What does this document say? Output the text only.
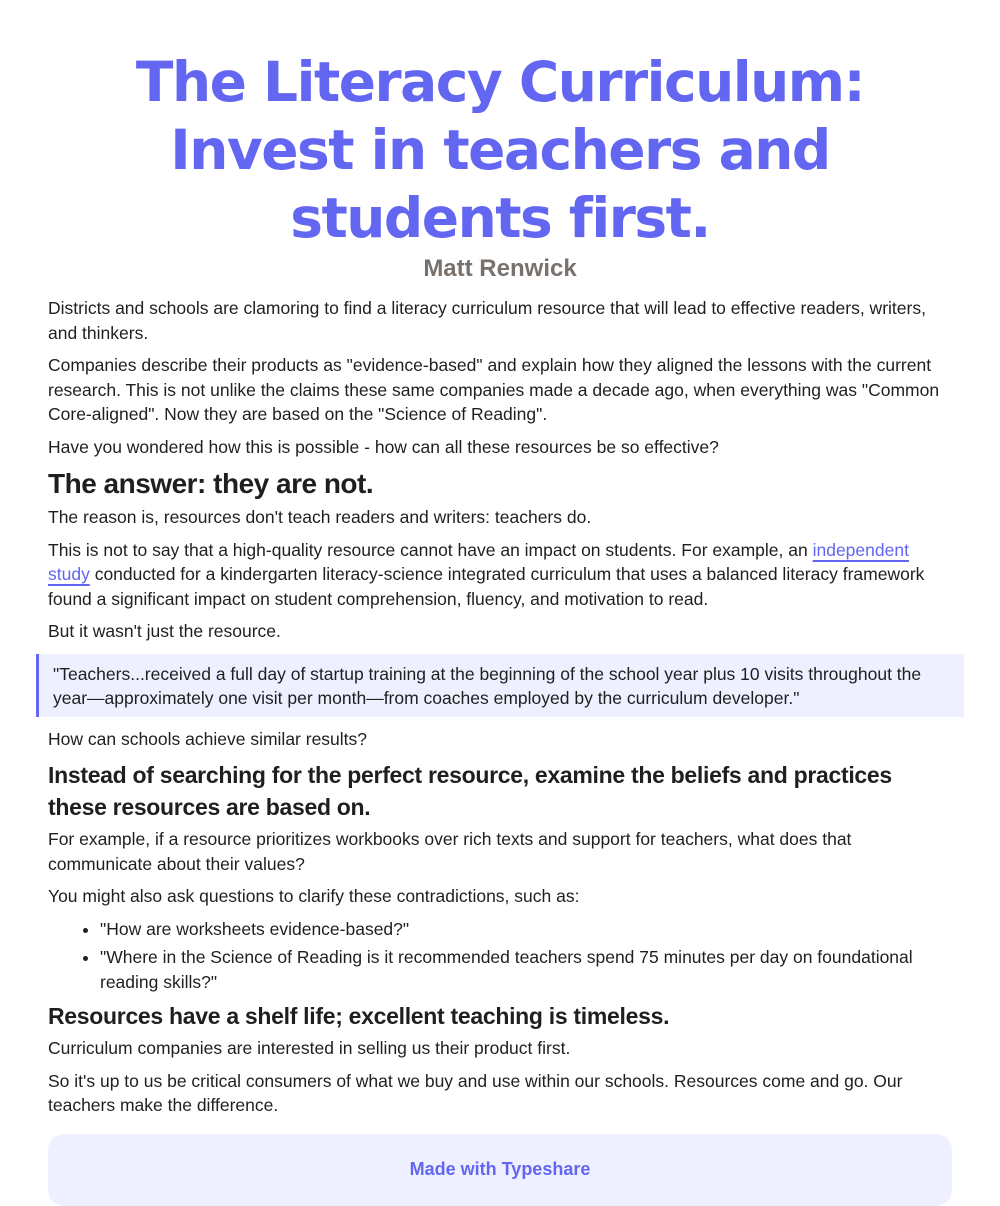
The Literacy Curriculum: Invest in teachers and students first.
Matt Renwick

Districts and schools are clamoring to find a literacy curriculum resource that will lead to effective readers, writers, and thinkers.

Companies describe their products as "evidence-based" and explain how they aligned the lessons with the current research. This is not unlike the claims these same companies made a decade ago, when everything was "Common Core-aligned". Now they are based on the "Science of Reading".

Have you wondered how this is possible - how can all these resources be so effective?

The answer: they are not.

The reason is, resources don't teach readers and writers: teachers do.

This is not to say that a high-quality resource cannot have an impact on students. For example, an independent study conducted for a kindergarten literacy-science integrated curriculum that uses a balanced literacy framework found a significant impact on student comprehension, fluency, and motivation to read.

But it wasn't just the resource.

"Teachers...received a full day of startup training at the beginning of the school year plus 10 visits throughout the year—approximately one visit per month—from coaches employed by the curriculum developer."

How can schools achieve similar results?

Instead of searching for the perfect resource, examine the beliefs and practices these resources are based on.

For example, if a resource prioritizes workbooks over rich texts and support for teachers, what does that communicate about their values?

You might also ask questions to clarify these contradictions, such as:

• "How are worksheets evidence-based?"
• "Where in the Science of Reading is it recommended teachers spend 75 minutes per day on foundational reading skills?"
Resources have a shelf life; excellent teaching is timeless.

Curriculum companies are interested in selling us their product first.

So it's up to us be critical consumers of what we buy and use within our schools. Resources come and go. Our teachers make the difference.

Made with Typeshare
